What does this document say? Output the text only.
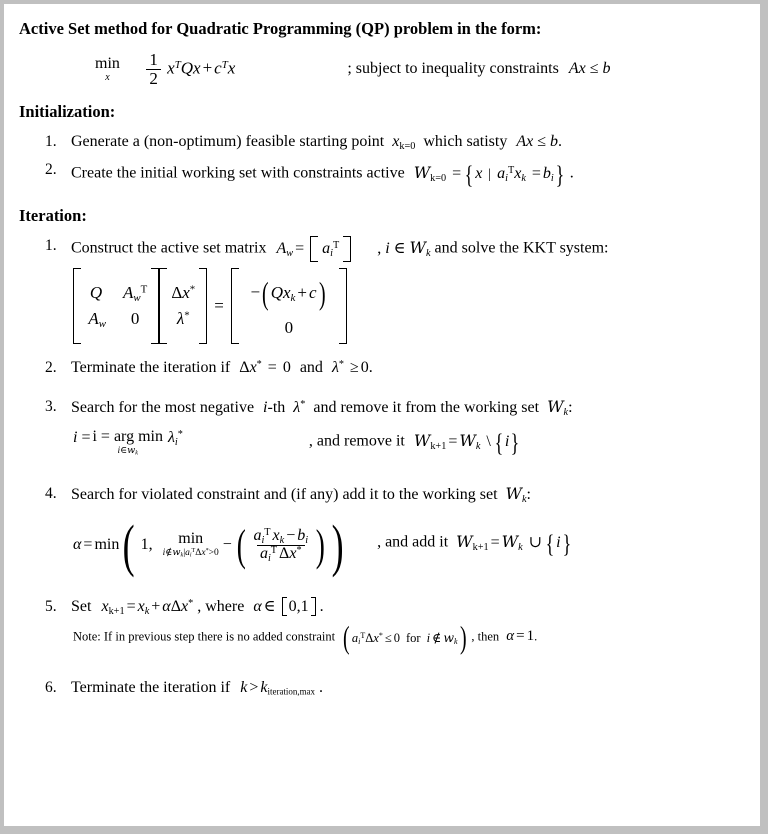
Active Set method for Quadratic Programming (QP) problem in the form:
min
x
$\frac{1}{2} x^TQx + c^Tx$	; subject to inequality constraints Ax ≤ b
Initialization:
1. Generate a (non-optimum) feasible starting point $x_{k=0}$ which satisty Ax ≤ b.
2. Create the initial working set with constraints active $W_{k=0}$ = { x | $a_i^Tx_k = b_i$} .
Iteration:
1. Construct the active set matrix $A_w = a_i^T$ , i ∈ $W_k$ and solve the KKT system:
Q $A_w^T$
$A_w$	0
Δx*
λ*
=
− ( $Qx_k + c$ )
0
2. Terminate the iteration if Δx* = 0 and λ* ≥ 0.
3. Search for the most negative i-th λ* and remove it from the working set $W_k$:
i = i = arg min
$i\in w_k$
$\lambda_i^*$	, and remove it $W_{k+1} = W_k$ \ { i}
4. Search for violated constraint and (if any) add it to the working set $W_k$:
α = min ( 1, min
$i\notin w_k|a_i^T\Delta x^*>0$
− ( $\frac{a_i^T x_k - b_i}{a_i^T \Delta x^*}$ ) ) , and add it $W_{k+1} = W_k$ ∪ { i}
5. Set $x_{k+1} = x_k + \alpha\Delta x^*$ , where α ∈ 0,1 .
Note: If in previous step there is no added constraint ( $a_i^T\Delta x^* \le 0$ for i ∉ $w_k$ ) , then α = 1.
6. Terminate the iteration if $k > k_{iteration,max}$ .
